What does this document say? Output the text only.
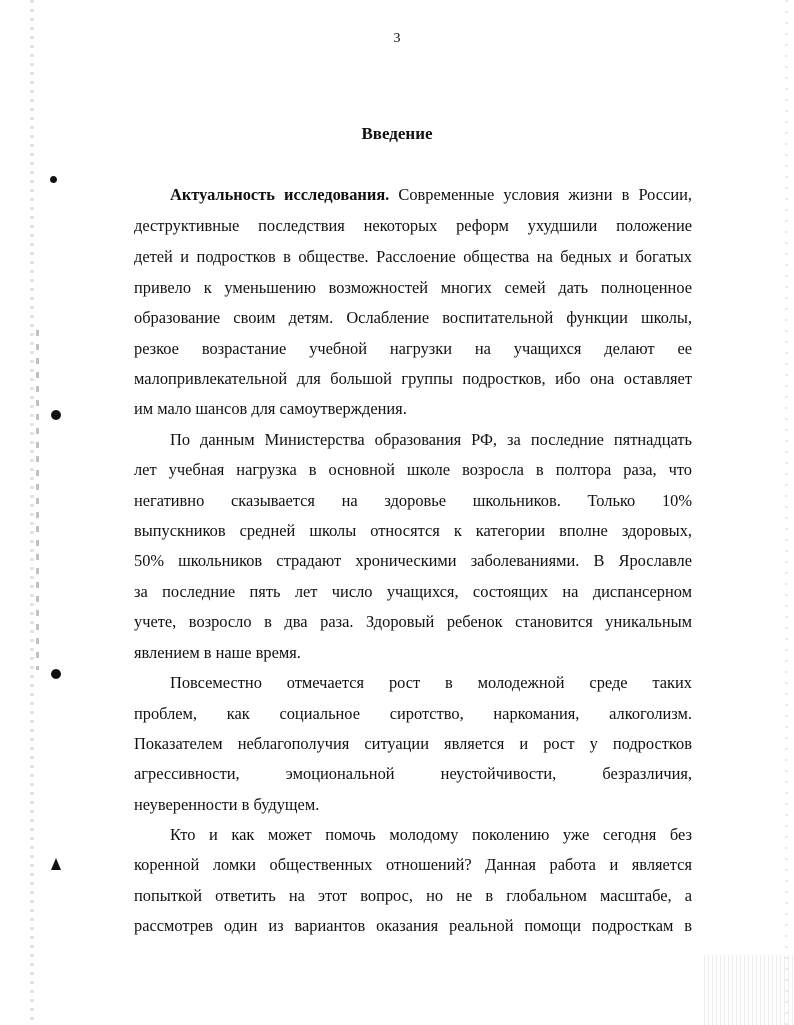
3
Введение
Актуальность исследования. Современные условия жизни в России,
деструктивные последствия некоторых реформ ухудшили положение
детей и подростков в обществе. Расслоение общества на бедных и богатых
привело к уменьшению возможностей многих семей дать полноценное
образование своим детям. Ослабление воспитательной функции школы,
резкое возрастание учебной нагрузки на учащихся делают ее
малопривлекательной для большой группы подростков, ибо она оставляет
им мало шансов для самоутверждения.
По данным Министерства образования РФ, за последние пятнадцать
лет учебная нагрузка в основной школе возросла в полтора раза, что
негативно сказывается на здоровье школьников. Только 10%
выпускников средней школы относятся к категории вполне здоровых,
50% школьников страдают хроническими заболеваниями. В Ярославле
за последние пять лет число учащихся, состоящих на диспансерном
учете, возросло в два раза. Здоровый ребенок становится уникальным
явлением в наше время.
Повсеместно отмечается рост в молодежной среде таких
проблем, как социальное сиротство, наркомания, алкоголизм.
Показателем неблагополучия ситуации является и рост у подростков
агрессивности, эмоциональной неустойчивости, безразличия,
неуверенности в будущем.
Кто и как может помочь молодому поколению уже сегодня без
коренной ломки общественных отношений? Данная работа и является
попыткой ответить на этот вопрос, но не в глобальном масштабе, а
рассмотрев один из вариантов оказания реальной помощи подросткам в
